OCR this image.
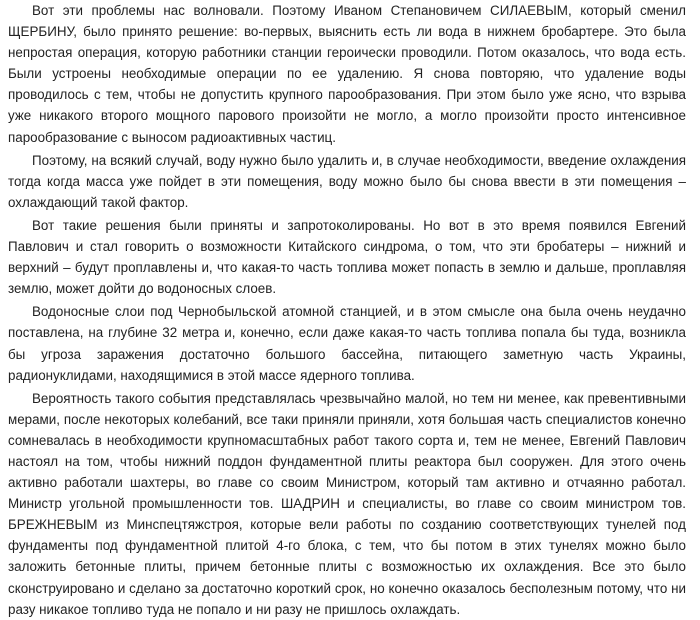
Вот эти проблемы нас волновали. Поэтому Иваном Степановичем СИЛАЕВЫМ, который сменил ЩЕРБИНУ, было принято решение: во-первых, выяснить есть ли вода в нижнем бробартере. Это была непростая операция, которую работники станции героически проводили. Потом оказалось, что вода есть. Были устроены необходимые операции по ее удалению. Я снова повторяю, что удаление воды проводилось с тем, чтобы не допустить крупного парообразования. При этом было уже ясно, что взрыва уже никакого второго мощного парового произойти не могло, а могло произойти просто интенсивное парообразование с выносом радиоактивных частиц.

Поэтому, на всякий случай, воду нужно было удалить и, в случае необходимости, введение охлаждения тогда когда масса уже пойдет в эти помещения, воду можно было бы снова ввести в эти помещения – охлаждающий такой фактор.

Вот такие решения были приняты и запротоколированы. Но вот в это время появился Евгений Павлович и стал говорить о возможности Китайского синдрома, о том, что эти бробатеры – нижний и верхний – будут проплавлены и, что какая-то часть топлива может попасть в землю и дальше, проплавляя землю, может дойти до водоносных слоев.

Водоносные слои под Чернобыльской атомной станцией, и в этом смысле она была очень неудачно поставлена, на глубине 32 метра и, конечно, если даже какая-то часть топлива попала бы туда, возникла бы угроза заражения достаточно большого бассейна, питающего заметную часть Украины, радионуклидами, находящимися в этой массе ядерного топлива.

Вероятность такого события представлялась чрезвычайно малой, но тем ни менее, как превентивными мерами, после некоторых колебаний, все таки приняли приняли, хотя большая часть специалистов конечно сомневалась в необходимости крупномасштабных работ такого сорта и, тем не менее, Евгений Павлович настоял на том, чтобы нижний поддон фундаментной плиты реактора был сооружен. Для этого очень активно работали шахтеры, во главе со своим Министром, который там активно и отчаянно работал. Министр угольной промышленности тов. ШАДРИН и специалисты, во главе со своим министром тов. БРЕЖНЕВЫМ из Минспецтяжстроя, которые вели работы по созданию соответствующих тунелей под фундаменты под фундаментной плитой 4-го блока, с тем, что бы потом в этих тунелях можно было заложить бетонные плиты, причем бетонные плиты с возможностью их охлаждения. Все это было сконструировано и сделано за достаточно короткий срок, но конечно оказалось бесполезным потому, что ни разу никакое топливо туда не попало и ни разу не пришлось охлаждать.
